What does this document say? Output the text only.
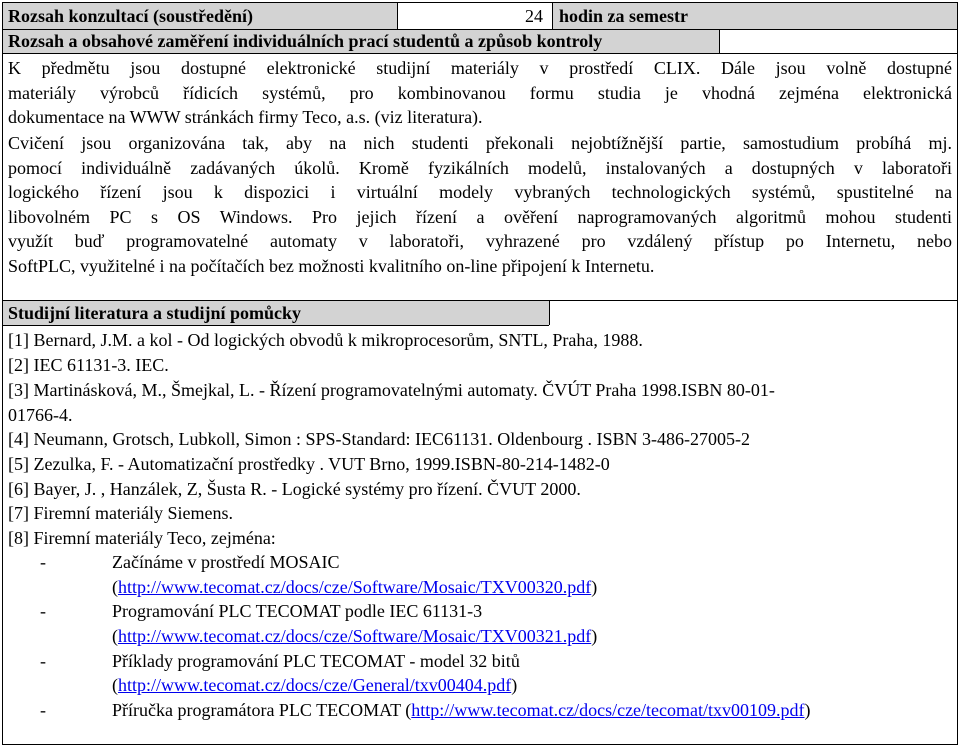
Rozsah konzultací (soustředění)	24 hodin za semestr
Rozsah a obsahové zaměření individuálních prací studentů a způsob kontroly
K předmětu jsou dostupné elektronické studijní materiály v prostředí CLIX. Dále jsou volně dostupné
materiály výrobců řídicích systémů, pro kombinovanou formu studia je vhodná zejména elektronická
dokumentace na WWW stránkách firmy Teco, a.s. (viz literatura).
Cvičení jsou organizována tak, aby na nich studenti překonali nejobtížnější partie, samostudium probíhá mj.
pomocí individuálně zadávaných úkolů. Kromě fyzikálních modelů, instalovaných a dostupných v laboratoři
logického řízení jsou k dispozici i virtuální modely vybraných technologických systémů, spustitelné na
libovolném PC s OS Windows. Pro jejich řízení a ověření naprogramovaných algoritmů mohou studenti
využít buď programovatelné automaty v laboratoři, vyhrazené pro vzdálený přístup po Internetu, nebo
SoftPLC, využitelné i na počítačích bez možnosti kvalitního on-line připojení k Internetu.
Studijní literatura a studijní pomůcky
[1] Bernard, J.M. a kol - Od logických obvodů k mikroprocesorům, SNTL, Praha, 1988.
[2] IEC 61131-3. IEC.
[3] Martinásková, M., Šmejkal, L. - Řízení programovatelnými automaty. ČVÚT Praha 1998.ISBN 80-01-
01766-4.
[4] Neumann, Grotsch, Lubkoll, Simon : SPS-Standard: IEC61131. Oldenbourg . ISBN 3-486-27005-2
[5] Zezulka, F. - Automatizační prostředky . VUT Brno, 1999.ISBN-80-214-1482-0
[6] Bayer, J. , Hanzálek, Z, Šusta R. - Logické systémy pro řízení. ČVUT 2000.
[7] Firemní materiály Siemens.
[8] Firemní materiály Teco, zejména:
-	Začínáme v prostředí MOSAIC
(http://www.tecomat.cz/docs/cze/Software/Mosaic/TXV00320.pdf)
-	Programování PLC TECOMAT podle IEC 61131-3
(http://www.tecomat.cz/docs/cze/Software/Mosaic/TXV00321.pdf)
-	Příklady programování PLC TECOMAT - model 32 bitů
(http://www.tecomat.cz/docs/cze/General/txv00404.pdf)
-	Příručka programátora PLC TECOMAT (http://www.tecomat.cz/docs/cze/tecomat/txv00109.pdf)
